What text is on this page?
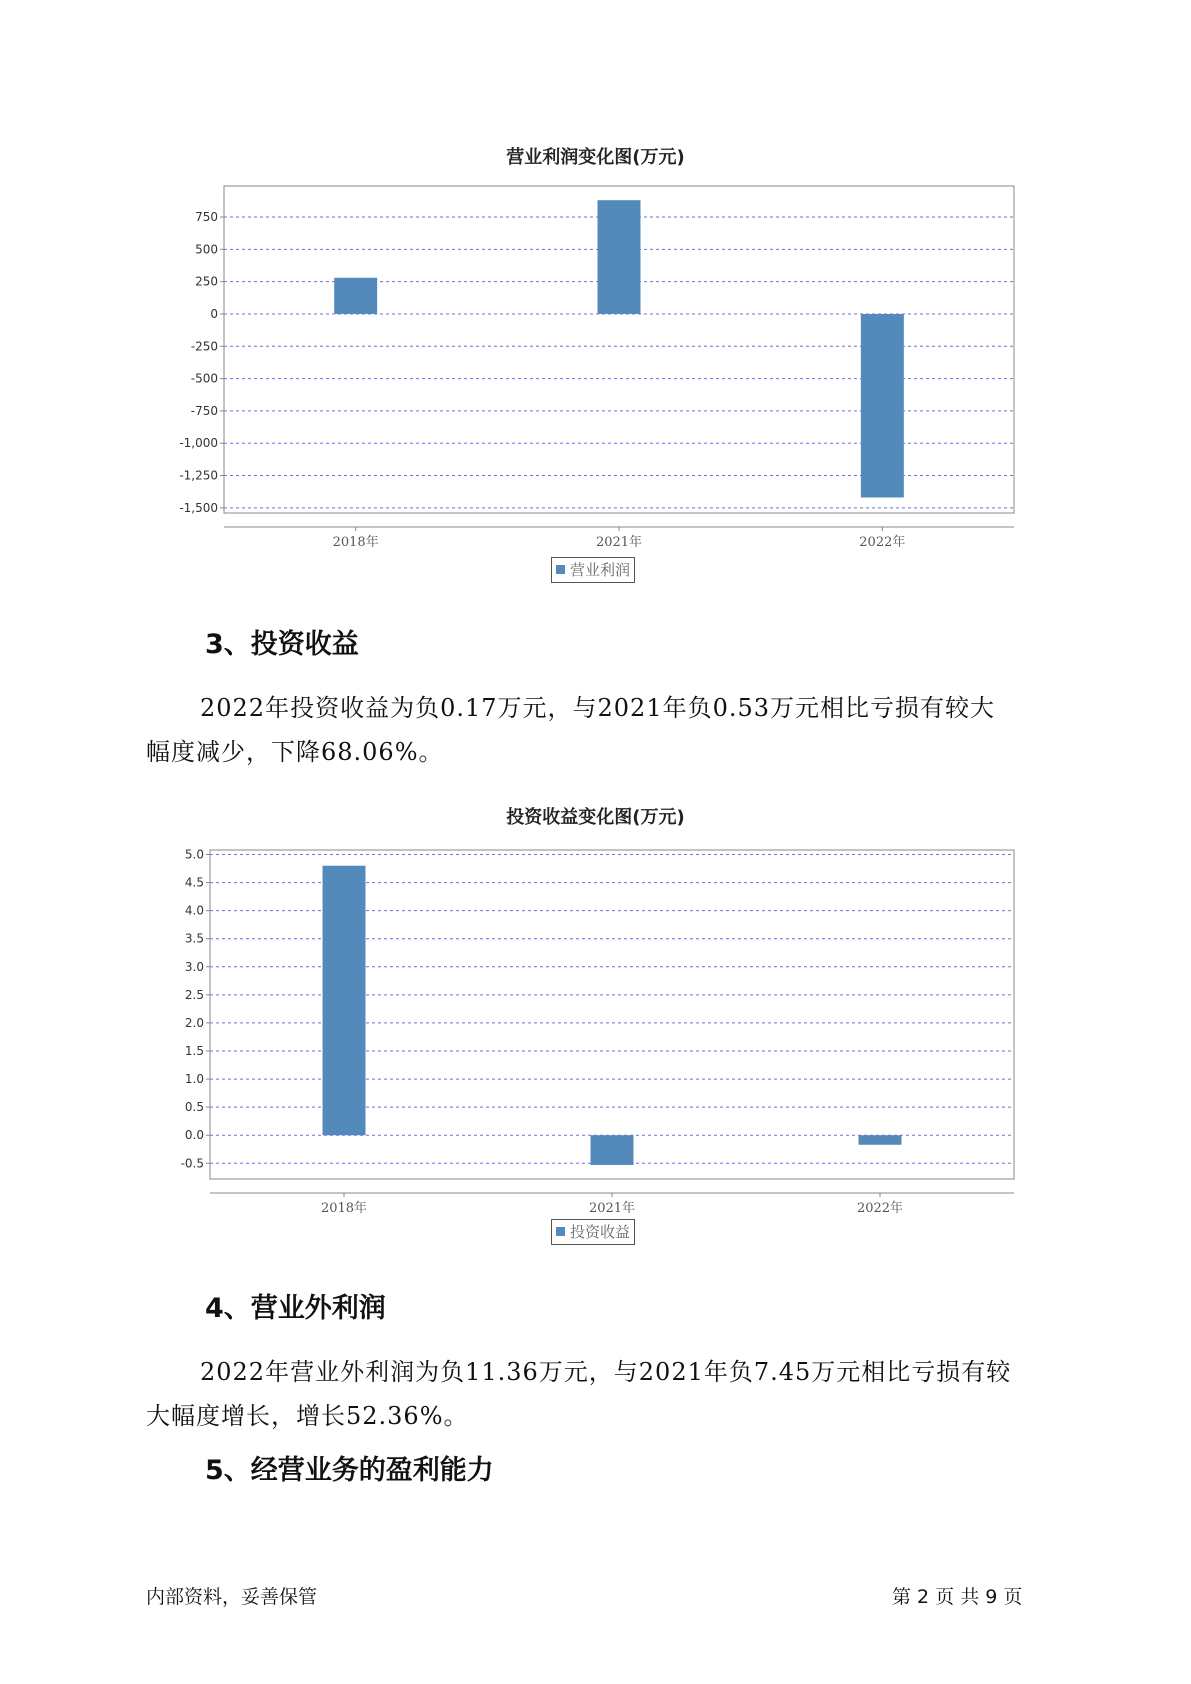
营业利润变化图(万元)
750
500
250
0
-250
-500
-750
-1,000
-1,250
-1,500
2018年	2021年	2022年
营业利润
3、投资收益

2022年投资收益为负0.17万元，与2021年负0.53万元相比亏损有较大
幅度减少，下降68.06%。

投资收益变化图(万元)
5.0
4.5
4.0
3.5
3.0
2.5
2.0
1.5
1.0
0.5
0.0
-0.5
2018年	2021年	2022年
投资收益
4、营业外利润

2022年营业外利润为负11.36万元，与2021年负7.45万元相比亏损有较
大幅度增长，增长52.36%。

5、经营业务的盈利能力
内部资料，妥善保管	第 2 页 共 9 页
